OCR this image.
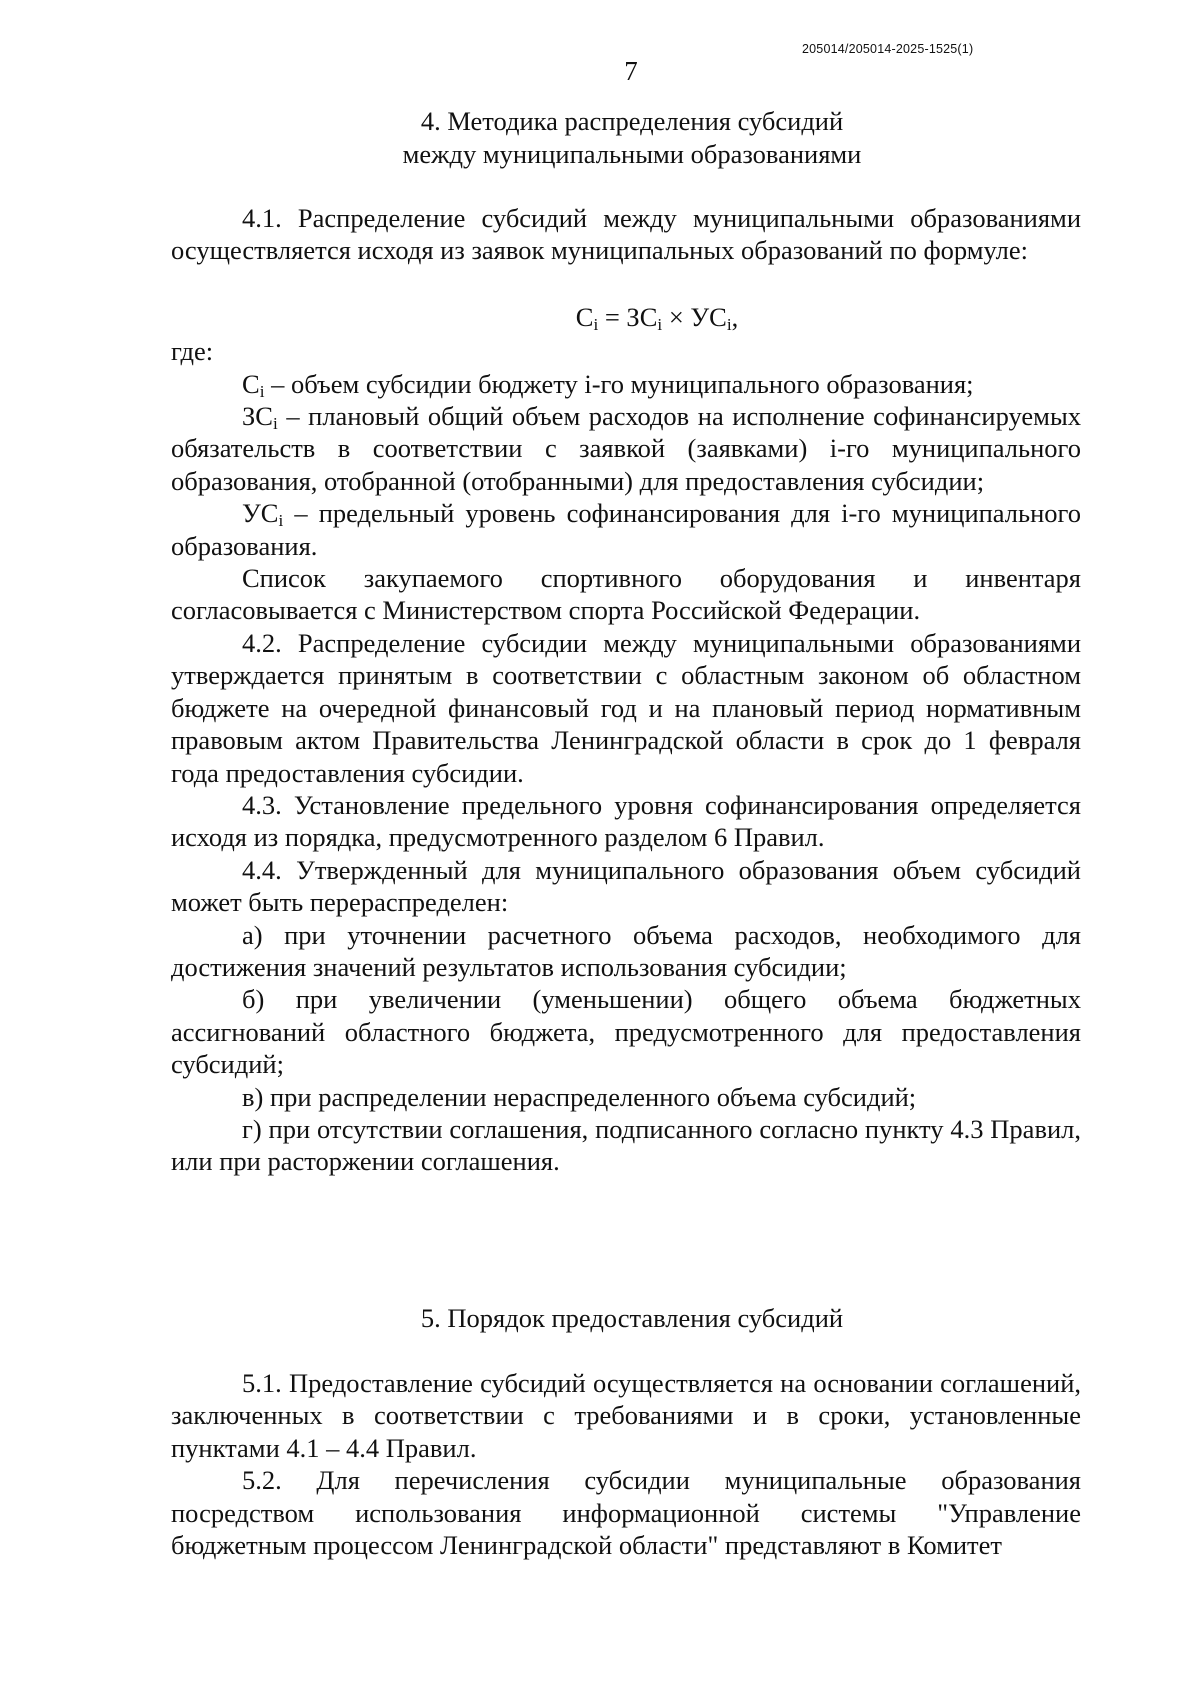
205014/205014-2025-1525(1)
7
4. Методика распределения субсидий
между муниципальными образованиями

4.1. Распределение субсидий между муниципальными образованиями осуществляется исходя из заявок муниципальных образований по формуле:

$C_i = ЗС_i \times УС_i$,

где:

$C_i$ – объем субсидии бюджету i-го муниципального образования;

$ЗС_i$ – плановый общий объем расходов на исполнение софинансируемых обязательств в соответствии с заявкой (заявками) i-го муниципального образования, отобранной (отобранными) для предоставления субсидии;

$УС_i$ – предельный уровень софинансирования для i-го муниципального образования.

Список закупаемого спортивного оборудования и инвентаря согласовывается с Министерством спорта Российской Федерации.

4.2. Распределение субсидии между муниципальными образованиями утверждается принятым в соответствии с областным законом об областном бюджете на очередной финансовый год и на плановый период нормативным правовым актом Правительства Ленинградской области в срок до 1 февраля года предоставления субсидии.

4.3. Установление предельного уровня софинансирования определяется исходя из порядка, предусмотренного разделом 6 Правил.

4.4. Утвержденный для муниципального образования объем субсидий может быть перераспределен:

а) при уточнении расчетного объема расходов, необходимого для достижения значений результатов использования субсидии;

б) при увеличении (уменьшении) общего объема бюджетных ассигнований областного бюджета, предусмотренного для предоставления субсидий;

в) при распределении нераспределенного объема субсидий;

г) при отсутствии соглашения, подписанного согласно пункту 4.3 Правил, или при расторжении соглашения.

5. Порядок предоставления субсидий

5.1. Предоставление субсидий осуществляется на основании соглашений, заключенных в соответствии с требованиями и в сроки, установленные пунктами 4.1 – 4.4 Правил.

5.2. Для перечисления субсидии муниципальные образования посредством использования информационной системы "Управление бюджетным процессом Ленинградской области" представляют в Комитет
